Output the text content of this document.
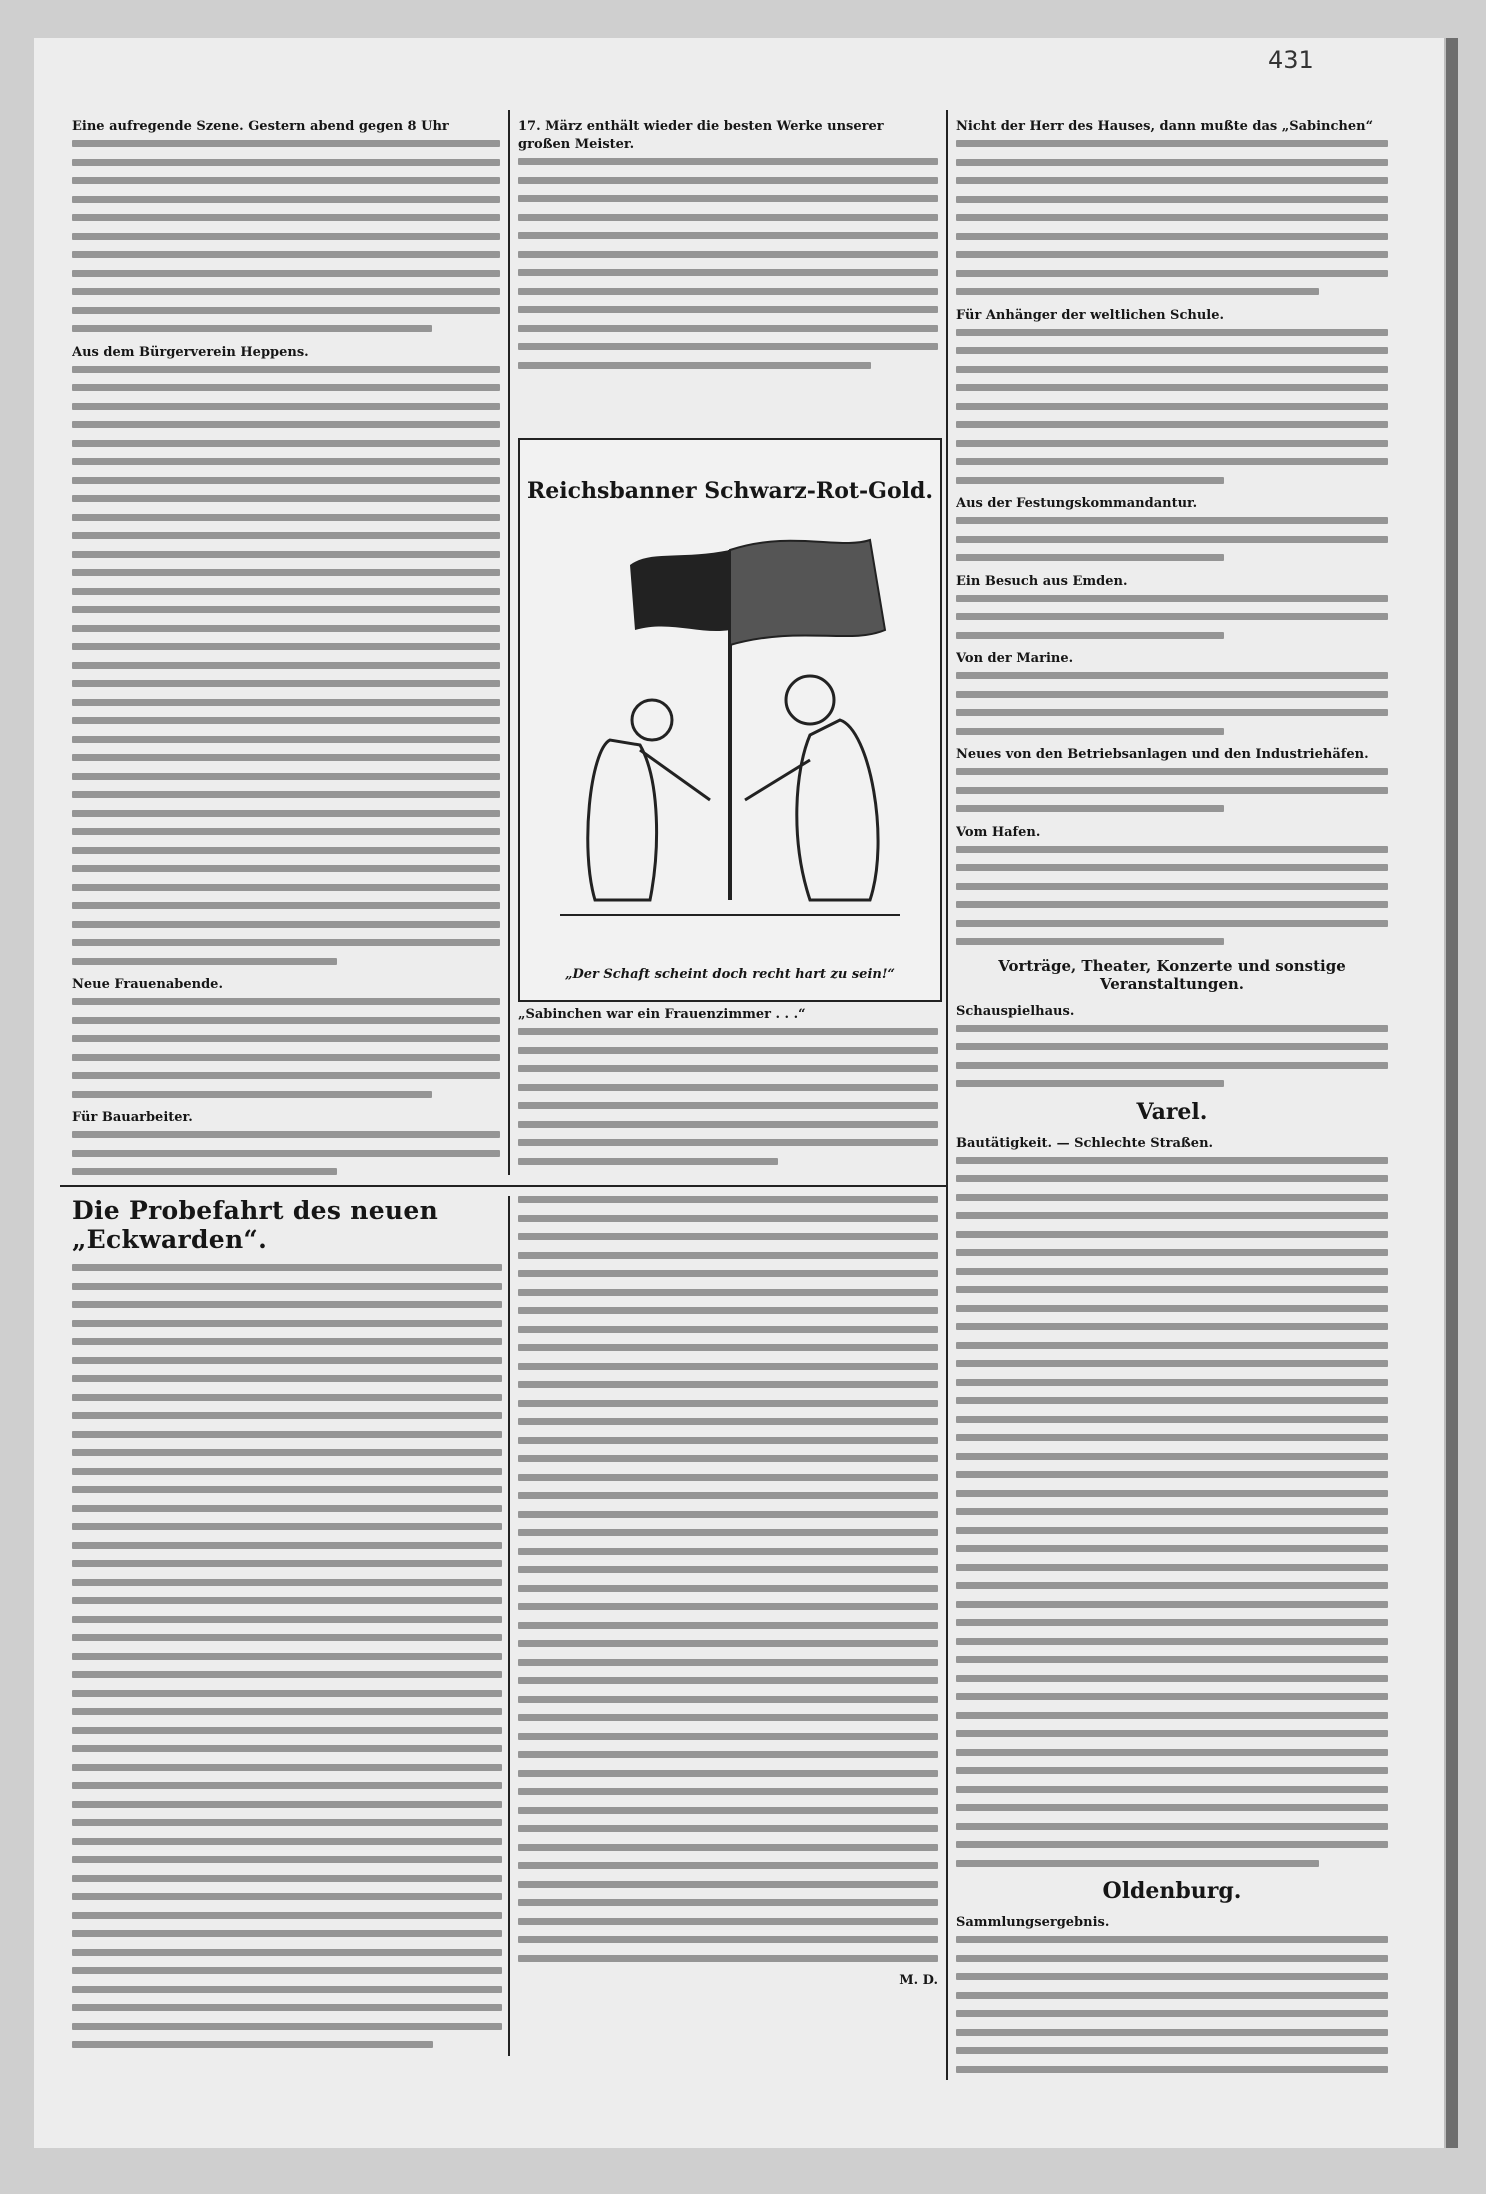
431
Eine aufregende Szene. Gestern abend gegen 8 Uhr
Aus dem Bürgerverein Heppens.
Neue Frauenabende.
Für Bauarbeiter.
17. März enthält wieder die besten Werke unserer großen Meister.
Reichsbanner Schwarz-Rot-Gold.
„Der Schaft scheint doch recht hart zu sein!“
„Sabinchen war ein Frauenzimmer . . .“
Nicht der Herr des Hauses, dann mußte das „Sabinchen“
Für Anhänger der weltlichen Schule.
Aus der Festungskommandantur.
Ein Besuch aus Emden.
Von der Marine.
Neues von den Betriebsanlagen und den Industriehäfen.
Vom Hafen.
Vorträge, Theater, Konzerte und sonstige Veranstaltungen.
Schauspielhaus.
Varel.
Bautätigkeit. — Schlechte Straßen.
Oldenburg.
Sammlungsergebnis.
Die Probefahrt des neuen „Eckwarden“.
M. D.
